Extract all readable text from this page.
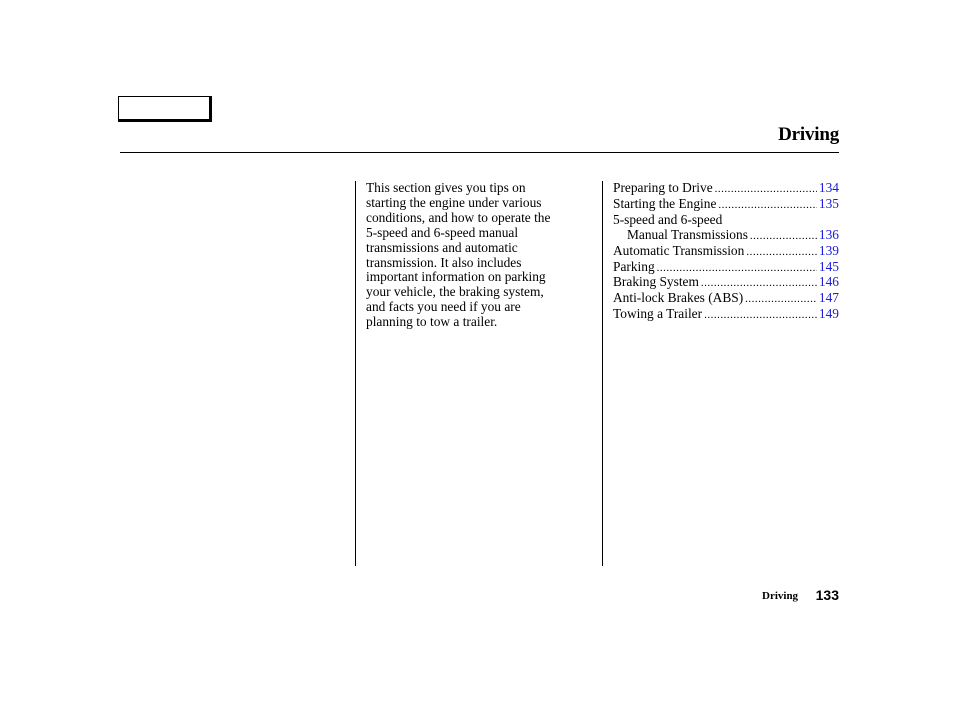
Driving
This section gives you tips on
starting the engine under various
conditions, and how to operate the
5-speed and 6-speed manual
transmissions and automatic
transmission. It also includes
important information on parking
your vehicle, the braking system,
and facts you need if you are
planning to tow a trailer.
Preparing to Drive .....	134
Starting the Engine .....	135
5-speed and 6-speed
Manual Transmissions .....	136
Automatic Transmission .....	139
Parking .....	145
Braking System .....	146
Anti-lock Brakes (ABS) .....	147
Towing a Trailer .....	149
Driving 133
